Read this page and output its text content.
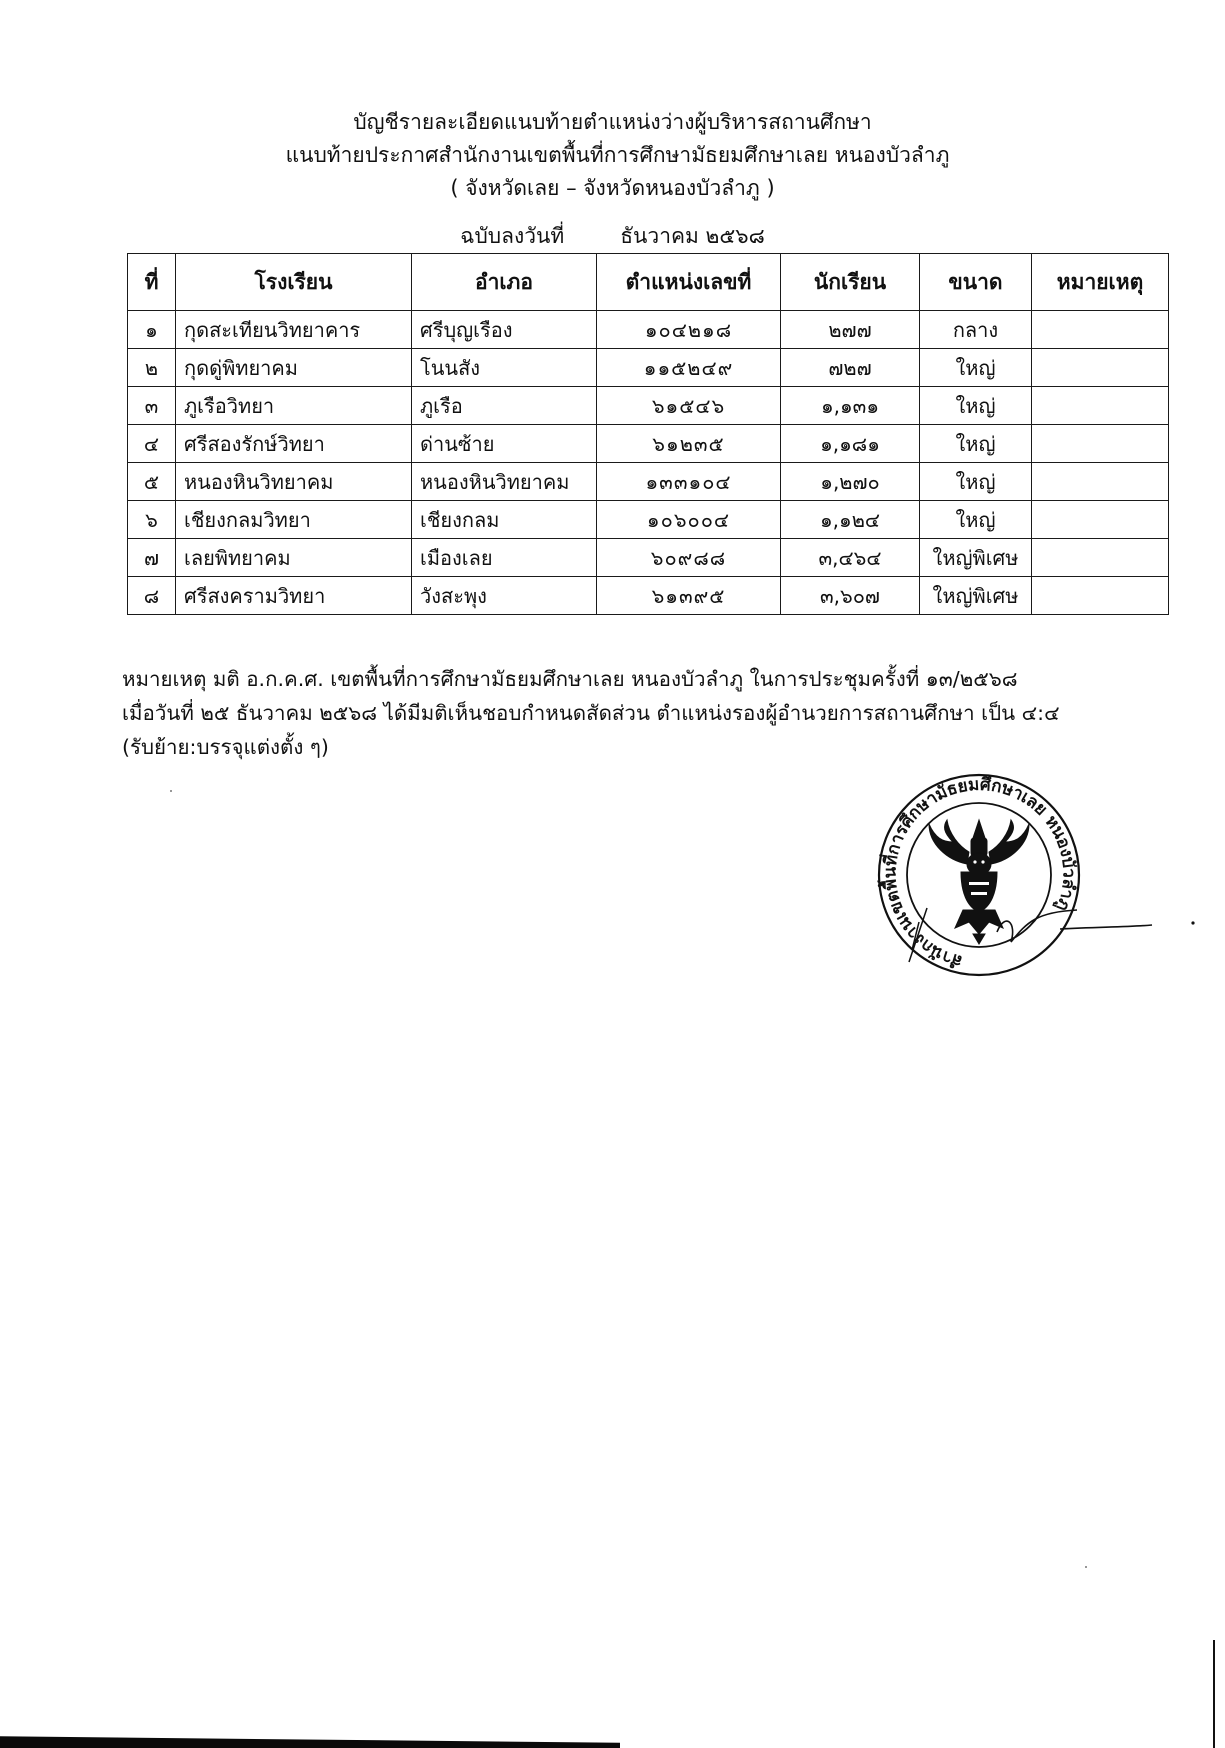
บัญชีรายละเอียดแนบท้ายตำแหน่งว่างผู้บริหารสถานศึกษา
แนบท้ายประกาศสำนักงานเขตพื้นที่การศึกษามัธยมศึกษาเลย หนองบัวลำภู
( จังหวัดเลย – จังหวัดหนองบัวลำภู )
ฉบับลงวันที่	ธันวาคม ๒๕๖๘
ที่	โรงเรียน	อำเภอ	ตำแหน่งเลขที่	นักเรียน	ขนาด	หมายเหตุ
๑	กุดสะเทียนวิทยาคาร	ศรีบุญเรือง	๑๐๔๒๑๘	๒๗๗	กลาง	
๒	กุดดู่พิทยาคม	โนนสัง	๑๑๕๒๔๙	๗๒๗	ใหญ่	
๓	ภูเรือวิทยา	ภูเรือ	๖๑๕๔๖	๑,๑๓๑	ใหญ่	
๔	ศรีสองรักษ์วิทยา	ด่านซ้าย	๖๑๒๓๕	๑,๑๘๑	ใหญ่	
๕	หนองหินวิทยาคม	หนองหินวิทยาคม	๑๓๓๑๐๔	๑,๒๗๐	ใหญ่	
๖	เชียงกลมวิทยา	เชียงกลม	๑๐๖๐๐๔	๑,๑๒๔	ใหญ่	
๗	เลยพิทยาคม	เมืองเลย	๖๐๙๘๘	๓,๔๖๔	ใหญ่พิเศษ	
๘	ศรีสงครามวิทยา	วังสะพุง	๖๑๓๙๕	๓,๖๐๗	ใหญ่พิเศษ	
หมายเหตุ มติ อ.ก.ค.ศ. เขตพื้นที่การศึกษามัธยมศึกษาเลย หนองบัวลำภู ในการประชุมครั้งที่ ๑๓/๒๕๖๘
เมื่อวันที่ ๒๕ ธันวาคม ๒๕๖๘ ได้มีมติเห็นชอบกำหนดสัดส่วน ตำแหน่งรองผู้อำนวยการสถานศึกษา เป็น ๔:๔
(รับย้าย:บรรจุแต่งตั้ง ๆ)
สำนักงานเขตพื้นที่การศึกษามัธยมศึกษาเลย หนองบัวลำภู
